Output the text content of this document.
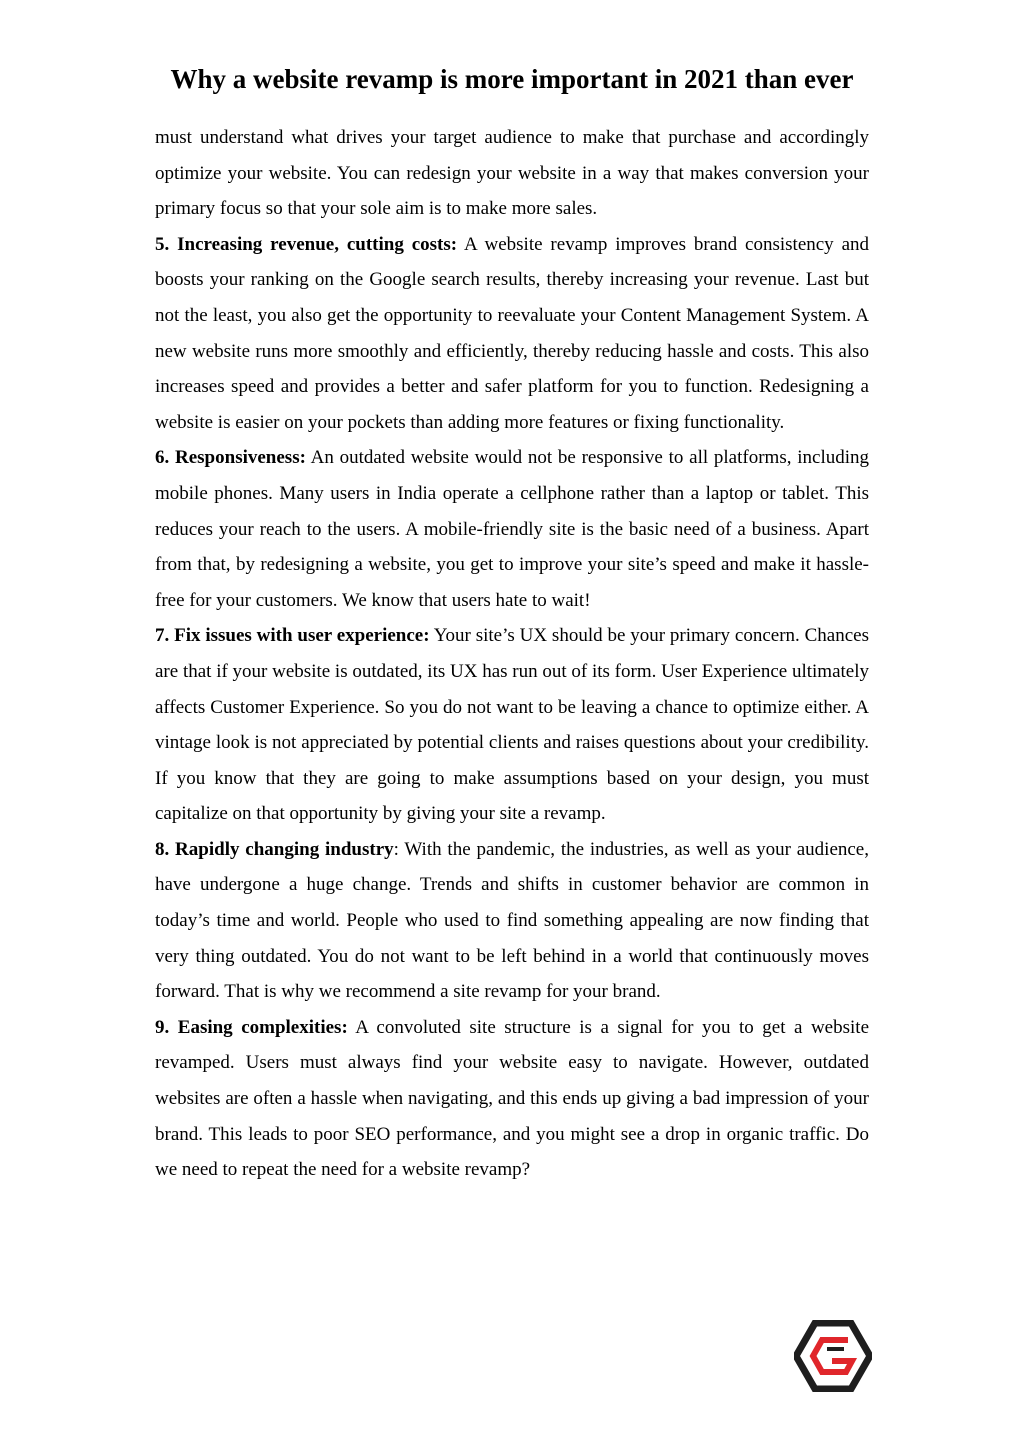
Why a website revamp is more important in 2021 than ever

must understand what drives your target audience to make that purchase and accordingly optimize your website. You can redesign your website in a way that makes conversion your primary focus so that your sole aim is to make more sales.

5. Increasing revenue, cutting costs: A website revamp improves brand consistency and boosts your ranking on the Google search results, thereby increasing your revenue. Last but not the least, you also get the opportunity to reevaluate your Content Management System. A new website runs more smoothly and efficiently, thereby reducing hassle and costs. This also increases speed and provides a better and safer platform for you to function. Redesigning a website is easier on your pockets than adding more features or fixing functionality.

6. Responsiveness: An outdated website would not be responsive to all platforms, including mobile phones. Many users in India operate a cellphone rather than a laptop or tablet. This reduces your reach to the users. A mobile-friendly site is the basic need of a business. Apart from that, by redesigning a website, you get to improve your site’s speed and make it hassle-free for your customers. We know that users hate to wait!

7. Fix issues with user experience: Your site’s UX should be your primary concern. Chances are that if your website is outdated, its UX has run out of its form. User Experience ultimately affects Customer Experience. So you do not want to be leaving a chance to optimize either. A vintage look is not appreciated by potential clients and raises questions about your credibility. If you know that they are going to make assumptions based on your design, you must capitalize on that opportunity by giving your site a revamp.

8. Rapidly changing industry: With the pandemic, the industries, as well as your audience, have undergone a huge change. Trends and shifts in customer behavior are common in today’s time and world. People who used to find something appealing are now finding that very thing outdated. You do not want to be left behind in a world that continuously moves forward. That is why we recommend a site revamp for your brand.

9. Easing complexities: A convoluted site structure is a signal for you to get a website revamped. Users must always find your website easy to navigate. However, outdated websites are often a hassle when navigating, and this ends up giving a bad impression of your brand. This leads to poor SEO performance, and you might see a drop in organic traffic. Do we need to repeat the need for a website revamp?
